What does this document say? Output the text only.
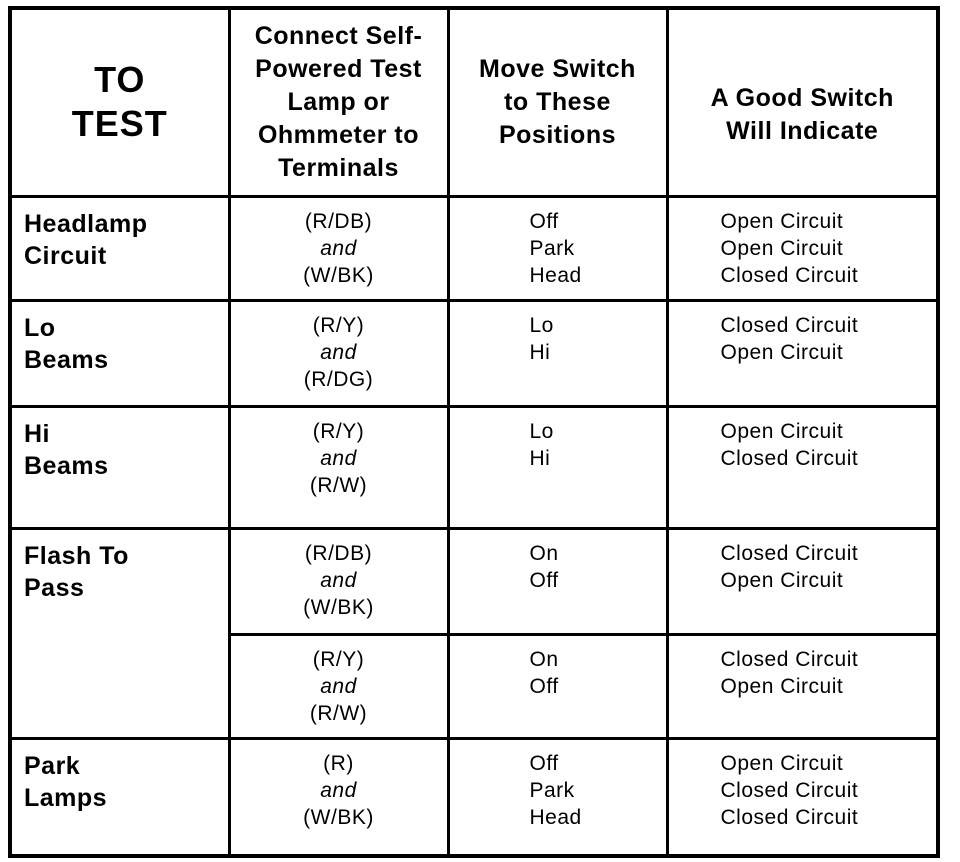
TO
TEST	Connect Self-
Powered Test
Lamp or
Ohmmeter to
Terminals	Move Switch
to These
Positions	A Good Switch
Will Indicate

Headlamp
Circuit	(R/DB)
and
(W/BK)	Off
Park
Head	Open Circuit
Open Circuit
Closed Circuit

Lo
Beams	(R/Y)
and
(R/DG)	Lo
Hi	Closed Circuit
Open Circuit

Hi
Beams	(R/Y)
and
(R/W)	Lo
Hi	Open Circuit
Closed Circuit

Flash To
Pass	(R/DB)
and
(W/BK)	On
Off	Closed Circuit
Open Circuit

	(R/Y)
and
(R/W)	On
Off	Closed Circuit
Open Circuit

Park
Lamps	(R)
and
(W/BK)	Off
Park
Head	Open Circuit
Closed Circuit
Closed Circuit
